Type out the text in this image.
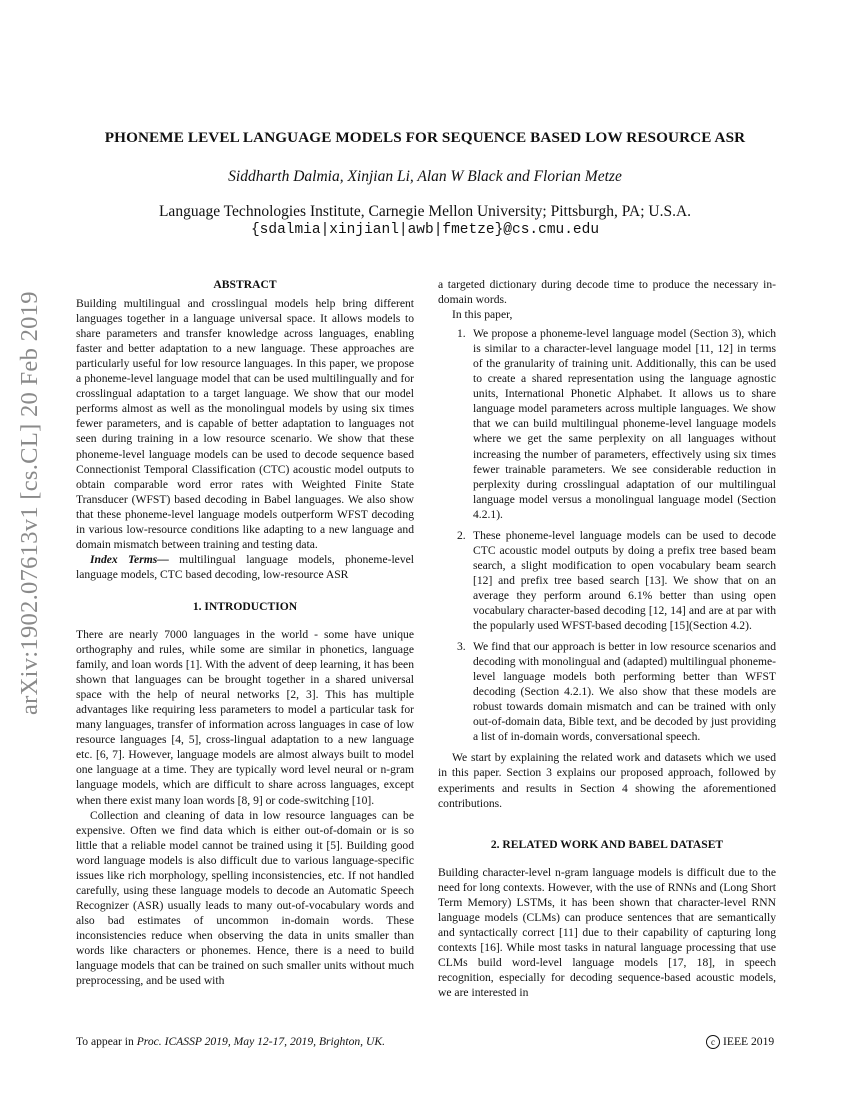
arXiv:1902.07613v1 [cs.CL] 20 Feb 2019
PHONEME LEVEL LANGUAGE MODELS FOR SEQUENCE BASED LOW RESOURCE ASR
Siddharth Dalmia, Xinjian Li, Alan W Black and Florian Metze
Language Technologies Institute, Carnegie Mellon University; Pittsburgh, PA; U.S.A.
{sdalmia|xinjianl|awb|fmetze}@cs.cmu.edu
ABSTRACT

Building multilingual and crosslingual models help bring different languages together in a language universal space. It allows models to share parameters and transfer knowledge across languages, enabling faster and better adaptation to a new language. These approaches are particularly useful for low resource languages. In this paper, we propose a phoneme-level language model that can be used multilingually and for crosslingual adaptation to a target language. We show that our model performs almost as well as the monolingual models by using six times fewer parameters, and is capable of better adaptation to languages not seen during training in a low resource scenario. We show that these phoneme-level language models can be used to decode sequence based Connectionist Temporal Classification (CTC) acoustic model outputs to obtain comparable word error rates with Weighted Finite State Transducer (WFST) based decoding in Babel languages. We also show that these phoneme-level language models outperform WFST decoding in various low-resource conditions like adapting to a new language and domain mismatch between training and testing data.

Index Terms— multilingual language models, phoneme-level language models, CTC based decoding, low-resource ASR

1. INTRODUCTION

There are nearly 7000 languages in the world - some have unique orthography and rules, while some are similar in phonetics, language family, and loan words [1]. With the advent of deep learning, it has been shown that languages can be brought together in a shared universal space with the help of neural networks [2, 3]. This has multiple advantages like requiring less parameters to model a particular task for many languages, transfer of information across languages in case of low resource languages [4, 5], cross-lingual adaptation to a new language etc. [6, 7]. However, language models are almost always built to model one language at a time. They are typically word level neural or n-gram language models, which are difficult to share across languages, except when there exist many loan words [8, 9] or code-switching [10].

Collection and cleaning of data in low resource languages can be expensive. Often we find data which is either out-of-domain or is so little that a reliable model cannot be trained using it [5]. Building good word language models is also difficult due to various language-specific issues like rich morphology, spelling inconsistencies, etc. If not handled carefully, using these language models to decode an Automatic Speech Recognizer (ASR) usually leads to many out-of-vocabulary words and also bad estimates of uncommon in-domain words. These inconsistencies reduce when observing the data in units smaller than words like characters or phonemes. Hence, there is a need to build language models that can be trained on such smaller units without much preprocessing, and be used with

a targeted dictionary during decode time to produce the necessary in-domain words.

In this paper,

1. We propose a phoneme-level language model (Section 3), which is similar to a character-level language model [11, 12] in terms of the granularity of training unit. Additionally, this can be used to create a shared representation using the language agnostic units, International Phonetic Alphabet. It allows us to share language model parameters across multiple languages. We show that we can build multilingual phoneme-level language models where we get the same perplexity on all languages without increasing the number of parameters, effectively using six times fewer trainable parameters. We see considerable reduction in perplexity during crosslingual adaptation of our multilingual language model versus a monolingual language model (Section 4.2.1).
2. These phoneme-level language models can be used to decode CTC acoustic model outputs by doing a prefix tree based beam search, a slight modification to open vocabulary beam search [12] and prefix tree based search [13]. We show that on an average they perform around 6.1% better than using open vocabulary character-based decoding [12, 14] and are at par with the popularly used WFST-based decoding [15](Section 4.2).
3. We find that our approach is better in low resource scenarios and decoding with monolingual and (adapted) multilingual phoneme-level language models both performing better than WFST decoding (Section 4.2.1). We also show that these models are robust towards domain mismatch and can be trained with only out-of-domain data, Bible text, and be decoded by just providing a list of in-domain words, conversational speech.

We start by explaining the related work and datasets which we used in this paper. Section 3 explains our proposed approach, followed by experiments and results in Section 4 showing the aforementioned contributions.

2. RELATED WORK AND BABEL DATASET

Building character-level n-gram language models is difficult due to the need for long contexts. However, with the use of RNNs and (Long Short Term Memory) LSTMs, it has been shown that character-level RNN language models (CLMs) can produce sentences that are semantically and syntactically correct [11] due to their capability of capturing long contexts [16]. While most tasks in natural language processing that use CLMs build word-level language models [17, 18], in speech recognition, especially for decoding sequence-based acoustic models, we are interested in

To appear in Proc. ICASSP 2019, May 12-17, 2019, Brighton, UK.	c IEEE 2019
